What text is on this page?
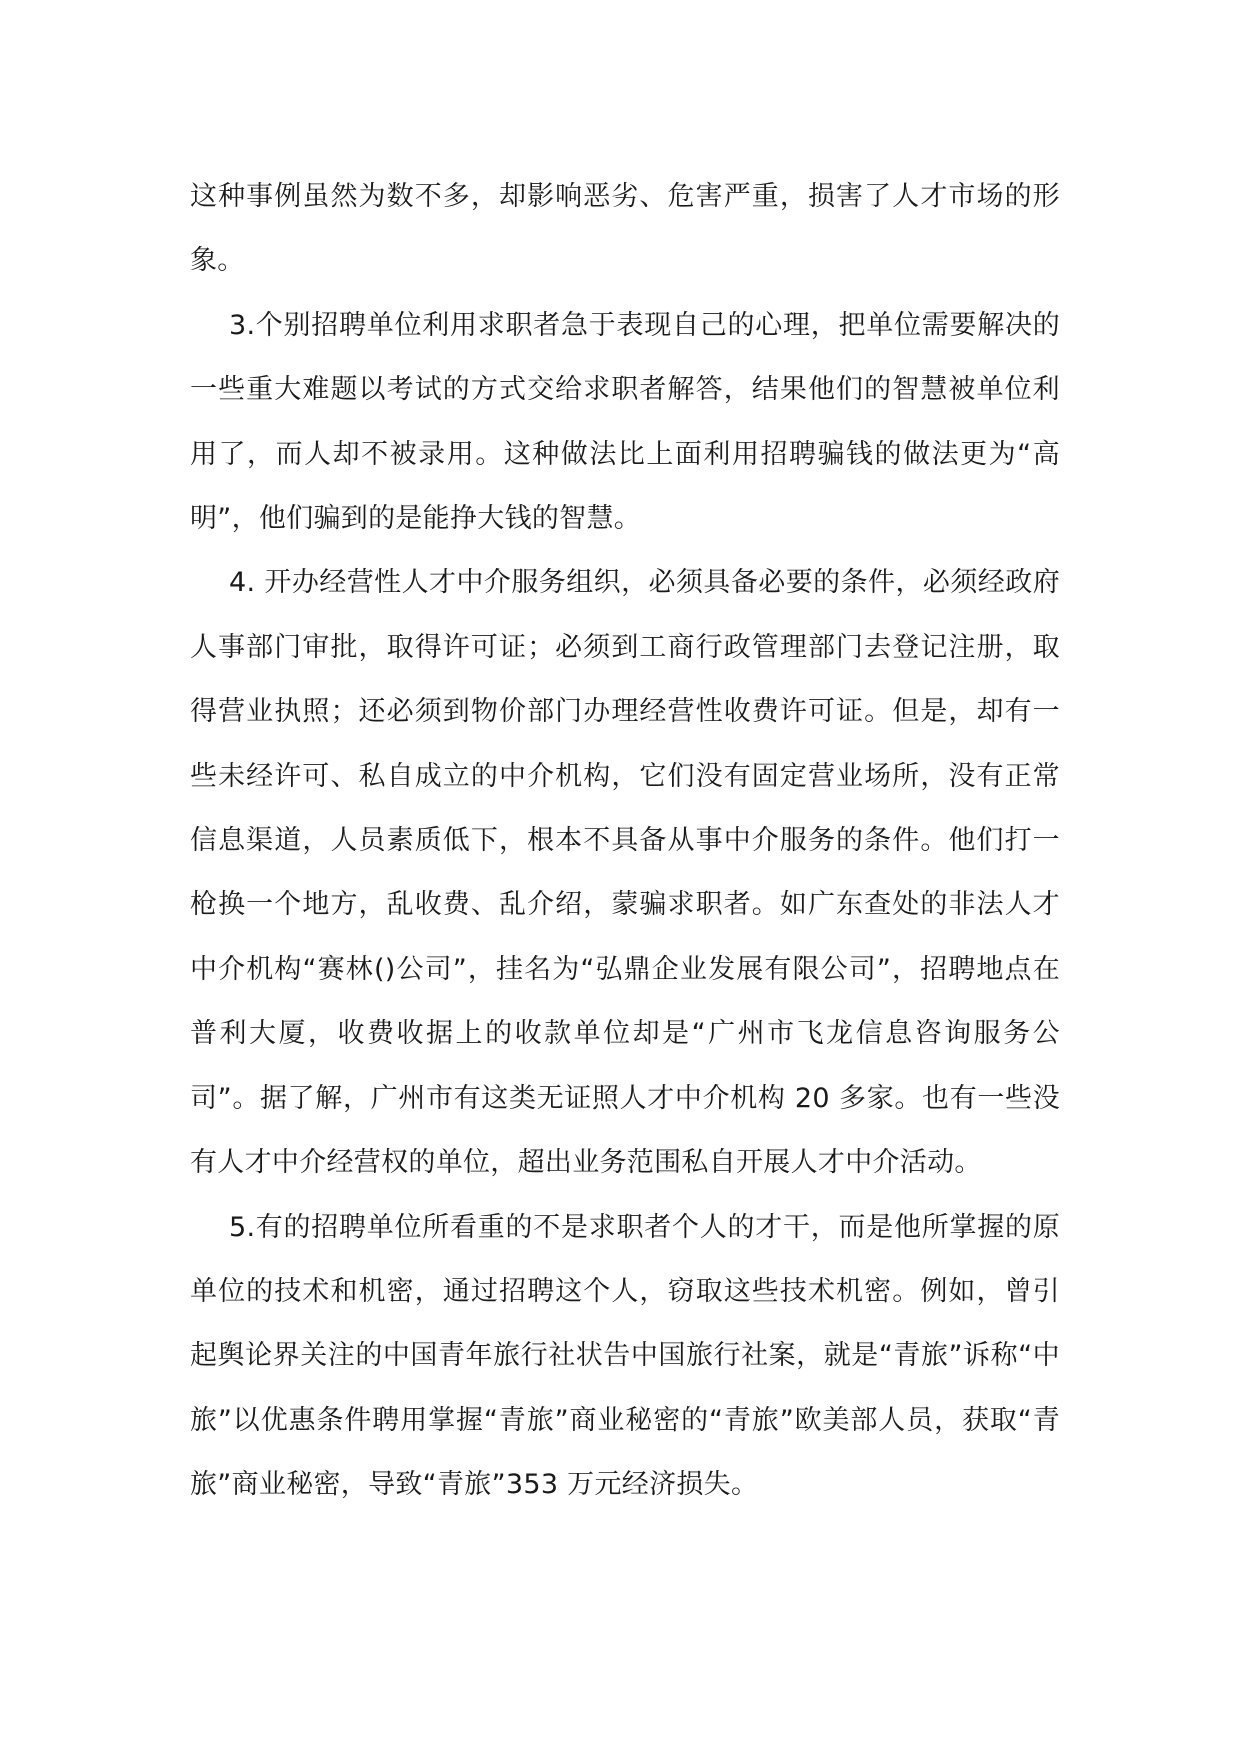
这种事例虽然为数不多，却影响恶劣、危害严重，损害了人才市场的形象。

3.个别招聘单位利用求职者急于表现自己的心理，把单位需要解决的一些重大难题以考试的方式交给求职者解答，结果他们的智慧被单位利用了，而人却不被录用。这种做法比上面利用招聘骗钱的做法更为“高明”，他们骗到的是能挣大钱的智慧。

4. 开办经营性人才中介服务组织，必须具备必要的条件，必须经政府人事部门审批，取得许可证；必须到工商行政管理部门去登记注册，取得营业执照；还必须到物价部门办理经营性收费许可证。但是，却有一些未经许可、私自成立的中介机构，它们没有固定营业场所，没有正常信息渠道，人员素质低下，根本不具备从事中介服务的条件。他们打一枪换一个地方，乱收费、乱介绍，蒙骗求职者。如广东查处的非法人才中介机构“赛林()公司”，挂名为“弘鼎企业发展有限公司”，招聘地点在普利大厦，收费收据上的收款单位却是“广州市飞龙信息咨询服务公司”。据了解，广州市有这类无证照人才中介机构 20 多家。也有一些没有人才中介经营权的单位，超出业务范围私自开展人才中介活动。

5.有的招聘单位所看重的不是求职者个人的才干，而是他所掌握的原单位的技术和机密，通过招聘这个人，窃取这些技术机密。例如，曾引起舆论界关注的中国青年旅行社状告中国旅行社案，就是“青旅”诉称“中旅”以优惠条件聘用掌握“青旅”商业秘密的“青旅”欧美部人员，获取“青旅”商业秘密，导致“青旅”353 万元经济损失。
